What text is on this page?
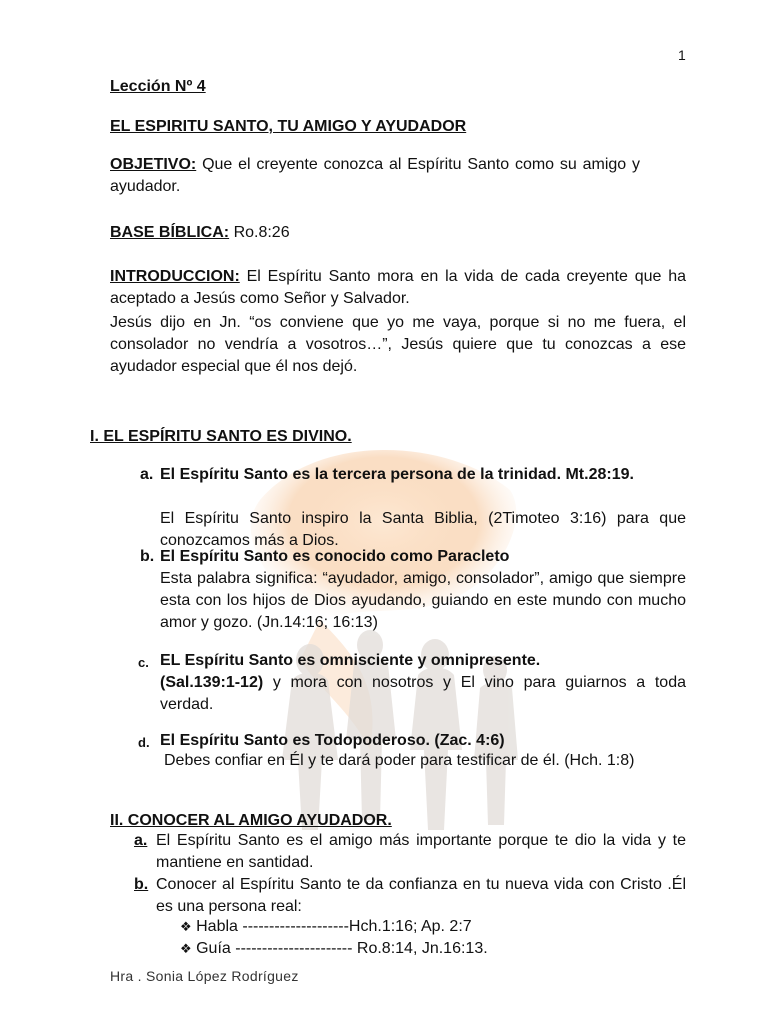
1
Lección Nº 4
EL ESPIRITU SANTO, TU AMIGO Y AYUDADOR
OBJETIVO: Que el creyente conozca al Espíritu Santo como su amigo y ayudador.
BASE BÍBLICA: Ro.8:26
INTRODUCCION: El Espíritu Santo mora en la vida de cada creyente que ha aceptado a Jesús como Señor y Salvador.
Jesús dijo en Jn. “os conviene que yo me vaya, porque si no me fuera, el consolador no vendría a vosotros…”, Jesús quiere que tu conozcas a ese ayudador especial que él nos dejó.
I. EL ESPÍRITU SANTO ES DIVINO.
a. El Espíritu Santo es la tercera persona de la trinidad. Mt.28:19.
El Espíritu Santo inspiro la Santa Biblia, (2Timoteo 3:16) para que conozcamos más a Dios.
b. El Espíritu Santo es conocido como Paracleto
Esta palabra significa: “ayudador, amigo, consolador”, amigo que siempre esta con los hijos de Dios ayudando, guiando en este mundo con mucho amor y gozo. (Jn.14:16; 16:13)
c. EL Espíritu Santo es omnisciente y omnipresente.
(Sal.139:1-12) y mora con nosotros y El vino para guiarnos a toda verdad.
d. El Espíritu Santo es Todopoderoso. (Zac. 4:6)
Debes confiar en Él y te dará poder para testificar de él. (Hch. 1:8)
II. CONOCER AL AMIGO AYUDADOR.
a. El Espíritu Santo es el amigo más importante porque te dio la vida y te mantiene en santidad.
b. Conocer al Espíritu Santo te da confianza en tu nueva vida con Cristo .Él es una persona real:
❖ Habla --------------------Hch.1:16; Ap. 2:7
❖ Guía ---------------------- Ro.8:14, Jn.16:13.
Hra . Sonia López Rodríguez
